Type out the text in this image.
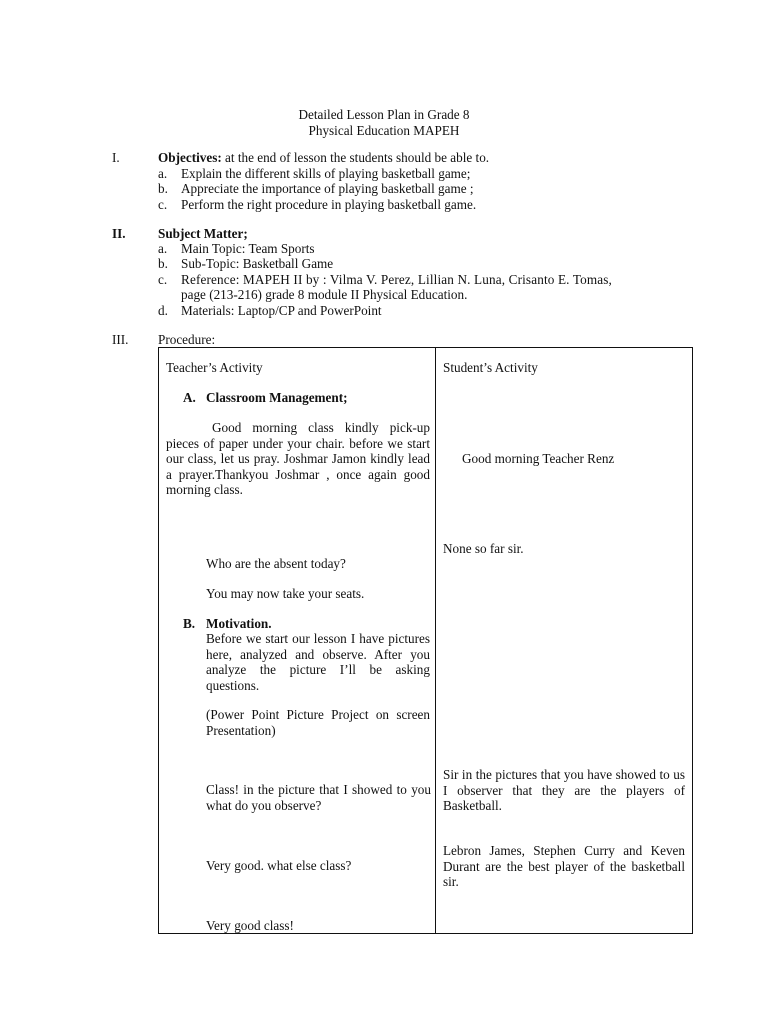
Detailed Lesson Plan in Grade 8
Physical Education MAPEH
I.	Objectives: at the end of lesson the students should be able to.
a. Explain the different skills of playing basketball game;
b. Appreciate the importance of playing basketball game ;
c. Perform the right procedure in playing basketball game.
II. Subject Matter;
a. Main Topic: Team Sports
b. Sub-Topic: Basketball Game
c. Reference: MAPEH II by : Vilma V. Perez, Lillian N. Luna, Crisanto E. Tomas,
page (213-216) grade 8 module II Physical Education.
d. Materials: Laptop/CP and PowerPoint
III. Procedure:
Teacher’s Activity
A. Classroom Management;
Good morning class kindly pick-up pieces of paper under your chair. before we start our class, let us pray. Joshmar Jamon kindly lead a prayer.Thankyou Joshmar , once again good morning class.
Who are the absent today?
You may now take your seats.
B. Motivation.
Before we start our lesson I have pictures here, analyzed and observe. After you analyze the picture I’ll be asking questions.
(Power Point Picture Project on screen Presentation)
Class! in the picture that I showed to you what do you observe?
Very good. what else class?
Very good class!
Student’s Activity
Good morning Teacher Renz
None so far sir.
Sir in the pictures that you have showed to us I observer that they are the players of Basketball.
Lebron James, Stephen Curry and Keven Durant are the best player of the basketball sir.
